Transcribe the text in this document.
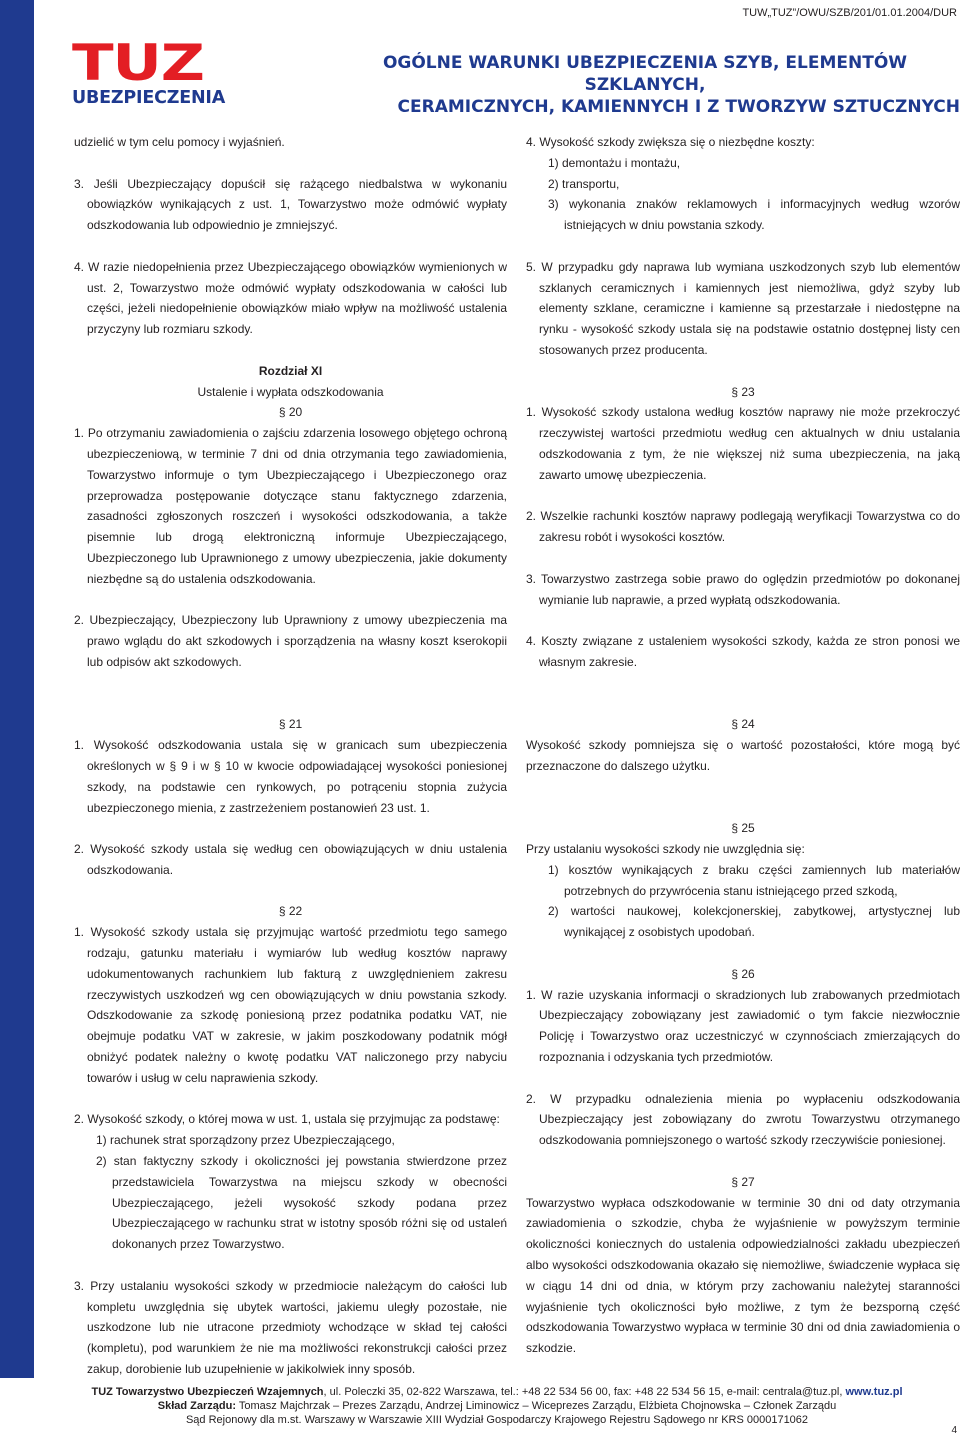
TUZ
UBEZPIECZENIA
TUW„TUZ”/OWU/SZB/201/01.01.2004/DUR
OGÓLNE WARUNKI UBEZPIECZENIA SZYB, ELEMENTÓW SZKLANYCH,
CERAMICZNYCH, KAMIENNYCH I Z TWORZYW SZTUCZNYCH
udzielić w tym celu pomocy i wyjaśnień.
3. Jeśli Ubezpieczający dopuścił się rażącego niedbalstwa w wykonaniu obowiązków wynikających z ust. 1, Towarzystwo może odmówić wypłaty odszkodowania lub odpowiednio je zmniejszyć.
4. W razie niedopełnienia przez Ubezpieczającego obowiązków wymienionych w ust. 2, Towarzystwo może odmówić wypłaty odszkodowania w całości lub części, jeżeli niedopełnienie obowiązków miało wpływ na możliwość ustalenia przyczyny lub rozmiaru szkody.
Rozdział XI
Ustalenie i wypłata odszkodowania
§ 20
1. Po otrzymaniu zawiadomienia o zajściu zdarzenia losowego objętego ochroną ubezpieczeniową, w terminie 7 dni od dnia otrzymania tego zawiadomienia, Towarzystwo informuje o tym Ubezpieczającego i Ubezpieczonego oraz przeprowadza postępowanie dotyczące stanu faktycznego zdarzenia, zasadności zgłoszonych roszczeń i wysokości odszkodowania, a także pisemnie lub drogą elektroniczną informuje Ubezpieczającego, Ubezpieczonego lub Uprawnionego z umowy ubezpieczenia, jakie dokumenty niezbędne są do ustalenia odszkodowania.
2. Ubezpieczający, Ubezpieczony lub Uprawniony z umowy ubezpieczenia ma prawo wglądu do akt szkodowych i sporządzenia na własny koszt kserokopii lub odpisów akt szkodowych.
§ 21
1. Wysokość odszkodowania ustala się w granicach sum ubezpieczenia określonych w § 9 i w § 10 w kwocie odpowiadającej wysokości poniesionej szkody, na podstawie cen rynkowych, po potrąceniu stopnia zużycia ubezpieczonego mienia, z zastrzeżeniem postanowień 23 ust. 1.
2. Wysokość szkody ustala się według cen obowiązujących w dniu ustalenia odszkodowania.
§ 22
1. Wysokość szkody ustala się przyjmując wartość przedmiotu tego samego rodzaju, gatunku materiału i wymiarów lub według kosztów naprawy udokumentowanych rachunkiem lub fakturą z uwzględnieniem zakresu rzeczywistych uszkodzeń wg cen obowiązujących w dniu powstania szkody. Odszkodowanie za szkodę poniesioną przez podatnika podatku VAT, nie obejmuje podatku VAT w zakresie, w jakim poszkodowany podatnik mógł obniżyć podatek należny o kwotę podatku VAT naliczonego przy nabyciu towarów i usług w celu naprawienia szkody.
2. Wysokość szkody, o której mowa w ust. 1, ustala się przyjmując za podstawę:
1) rachunek strat sporządzony przez Ubezpieczającego,
2) stan faktyczny szkody i okoliczności jej powstania stwierdzone przez przedstawiciela Towarzystwa na miejscu szkody w obecności Ubezpieczającego, jeżeli wysokość szkody podana przez Ubezpieczającego w rachunku strat w istotny sposób różni się od ustaleń dokonanych przez Towarzystwo.
3. Przy ustalaniu wysokości szkody w przedmiocie należącym do całości lub kompletu uwzględnia się ubytek wartości, jakiemu uległy pozostałe, nie uszkodzone lub nie utracone przedmioty wchodzące w skład tej całości (kompletu), pod warunkiem że nie ma możliwości rekonstrukcji całości przez zakup, dorobienie lub uzupełnienie w jakikolwiek inny sposób.
4. Wysokość szkody zwiększa się o niezbędne koszty:
1) demontażu i montażu,
2) transportu,
3) wykonania znaków reklamowych i informacyjnych według wzorów istniejących w dniu powstania szkody.
5. W przypadku gdy naprawa lub wymiana uszkodzonych szyb lub elementów szklanych ceramicznych i kamiennych jest niemożliwa, gdyż szyby lub elementy szklane, ceramiczne i kamienne są przestarzałe i niedostępne na rynku - wysokość szkody ustala się na podstawie ostatnio dostępnej listy cen stosowanych przez producenta.
§ 23
1. Wysokość szkody ustalona według kosztów naprawy nie może przekroczyć rzeczywistej wartości przedmiotu według cen aktualnych w dniu ustalania odszkodowania z tym, że nie większej niż suma ubezpieczenia, na jaką zawarto umowę ubezpieczenia.
2. Wszelkie rachunki kosztów naprawy podlegają weryfikacji Towarzystwa co do zakresu robót i wysokości kosztów.
3. Towarzystwo zastrzega sobie prawo do oględzin przedmiotów po dokonanej wymianie lub naprawie, a przed wypłatą odszkodowania.
4. Koszty związane z ustaleniem wysokości szkody, każda ze stron ponosi we własnym zakresie.
§ 24
Wysokość szkody pomniejsza się o wartość pozostałości, które mogą być przeznaczone do dalszego użytku.
§ 25
Przy ustalaniu wysokości szkody nie uwzględnia się:
1) kosztów wynikających z braku części zamiennych lub materiałów potrzebnych do przywrócenia stanu istniejącego przed szkodą,
2) wartości naukowej, kolekcjonerskiej, zabytkowej, artystycznej lub wynikającej z osobistych upodobań.
§ 26
1. W razie uzyskania informacji o skradzionych lub zrabowanych przedmiotach Ubezpieczający zobowiązany jest zawiadomić o tym fakcie niezwłocznie Policję i Towarzystwo oraz uczestniczyć w czynnościach zmierzających do rozpoznania i odzyskania tych przedmiotów.
2. W przypadku odnalezienia mienia po wypłaceniu odszkodowania Ubezpieczający jest zobowiązany do zwrotu Towarzystwu otrzymanego odszkodowania pomniejszonego o wartość szkody rzeczywiście poniesionej.
§ 27
Towarzystwo wypłaca odszkodowanie w terminie 30 dni od daty otrzymania zawiadomienia o szkodzie, chyba że wyjaśnienie w powyższym terminie okoliczności koniecznych do ustalenia odpowiedzialności zakładu ubezpieczeń albo wysokości odszkodowania okazało się niemożliwe, świadczenie wypłaca się w ciągu 14 dni od dnia, w którym przy zachowaniu należytej staranności wyjaśnienie tych okoliczności było możliwe, z tym że bezsporną część odszkodowania Towarzystwo wypłaca w terminie 30 dni od dnia zawiadomienia o szkodzie.
TUZ Towarzystwo Ubezpieczeń Wzajemnych, ul. Poleczki 35, 02-822 Warszawa, tel.: +48 22 534 56 00, fax: +48 22 534 56 15, e-mail: centrala@tuz.pl, www.tuz.pl
Skład Zarządu: Tomasz Majchrzak – Prezes Zarządu, Andrzej Liminowicz – Wiceprezes Zarządu, Elżbieta Chojnowska – Członek Zarządu
Sąd Rejonowy dla m.st. Warszawy w Warszawie XIII Wydział Gospodarczy Krajowego Rejestru Sądowego nr KRS 0000171062
4
